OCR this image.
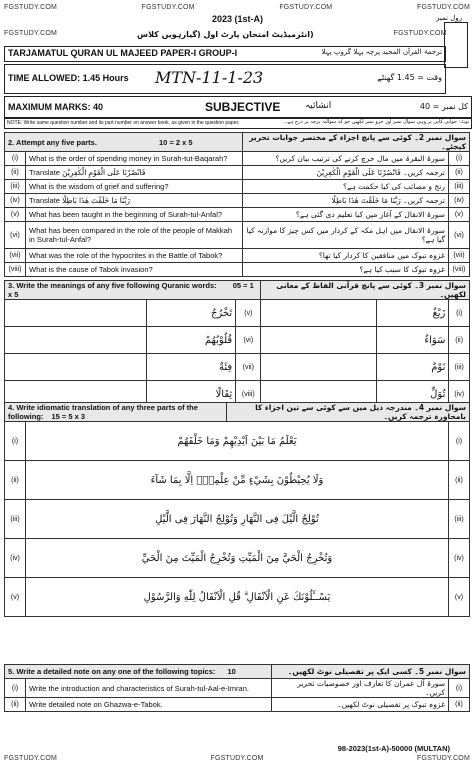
FGSTUDY.COM	FGSTUDY.COM	FGSTUDY.COM	FGSTUDY.COM
2023 (1st-A)	رول نمبر
FGSTUDY.COM	(انٹرمیڈیٹ امتحان پارٹ اول (گیارہویں کلاس	FGSTUDY.COM
TARJAMATUL QURAN UL MAJEED PAPER-I GROUP-I	ترجمۃ القرآن المجید پرچہ پہلا گروپ پہلا
TIME ALLOWED: 1.45 Hours MTN-11-1-23	وقت = 1.45 گھنٹے
MAXIMUM MARKS: 40	SUBJECTIVE	انشائیہ	کل نمبر = 40
NOTE: Write same question number and its part number on answer book, as given in the question paper.	نوٹ: جوابی کاپی پر وہی سوال نمبر اور جزو نمبر لکھیں جو کہ سوالیہ پرچہ پر درج ہے۔
2. Attempt any five parts. 10 = 2 x 5		سوال نمبر 2۔ کوئی سے پانچ اجزاء کے مختصر جوابات تحریر کیجئے۔	
(i)	What is the order of spending money in Surah-tut-Baqarah?	سورۃ البقرۃ میں مال خرچ کرنے کی ترتیب بیان کریں؟	(i)
(ii)	Translate فَانْصُرْنَا عَلَى الْقَوْمِ الْكٰفِرِيْنَ	ترجمہ کریں۔ فَانْصُرْنَا عَلَى الْقَوْمِ الْكٰفِرِيْنَ	(ii)
(iii)	What is the wisdom of grief and suffering?	رنج و مصائب کی کیا حکمت ہے؟	(iii)
(iv)	Translate رَبَّنَا مَا خَلَقْتَ هٰذَا بَاطِلًا	ترجمہ کریں۔ رَبَّنَا مَا خَلَقْتَ هٰذَا بَاطِلًا	(iv)
(v)	What has been taught in the beginning of Surah-tul-Anfal?	سورۃ الانفال کے آغاز میں کیا تعلیم دی گئی ہے؟	(v)
(vi)	What has been compared in the role of the people of Makkah in Surah-tul-Anfal?	سورۃ الانفال میں اہل مکہ کے کردار میں کس چیز کا موازنہ کیا گیا ہے؟	(vi)
(vii)	What was the role of the hypocrites in the Battle of Tabok?	غزوہ تبوک میں منافقین کا کردار کیا تھا؟	(vii)
(viii)	What is the cause of Tabok invasion?	غزوہ تبوک کا سبب کیا ہے؟	(viii)
3. Write the meanings of any five following Quranic words: 05 = 1 x 5			سوال نمبر 3۔ کوئی سے پانچ قرآنی الفاظ کے معانی لکھیں۔		
	تَخْرُجُ	(v)		زَيْغٌ	(i)
	قُلُوْبُهُمْ	(vi)		سَوَاءٌ	(ii)
	فِئَةٌ	(vii)		نَوْمٌ	(iii)
	ثِقَالًا	(viii)		تُوَلِّ	(iv)
4. Write idiomatic translation of any three parts of the following: 15 = 5 x 3		سوال نمبر 4۔ مندرجہ ذیل میں سے کوئی سے تین اجزاء کا بامحاورہ ترجمہ کریں۔	
(i)	يَعْلَمُ مَا بَيْنَ اَيْدِيْهِمْ وَمَا خَلْفَهُمْ		(i)
(ii)	وَلَا يُحِيْطُوْنَ بِشَيْءٍ مِّنْ عِلْمِهٖٓ اِلَّا بِمَا شَآءَ		(ii)
(iii)	تُوْلِجُ الَّيْلَ فِى النَّهَارِ وَتُوْلِجُ النَّهَارَ فِى الَّيْلِ		(iii)
(iv)	وَتُخْرِجُ الْحَيَّ مِنَ الْمَيِّتِ وَتُخْرِجُ الْمَيِّتَ مِنَ الْحَيِّ		(iv)
(v)	يَسْــَٔلُوْنَكَ عَنِ الْاَنْفَالِ ۗ قُلِ الْاَنْفَالُ لِلّٰهِ وَالرَّسُوْلِ		(v)
5. Write a detailed note on any one of the following topics: 10		سوال نمبر 5۔ کسی ایک پر تفصیلی نوٹ لکھیں۔	
(i)	Write the introduction and characteristics of Surah-tul-Aal-e-Imran.	سورۃ آل عمران کا تعارف اور خصوصیات تحریر کریں۔	(i)
(ii)	Write detailed note on Ghazwa-e-Tabok.	غزوہ تبوک پر تفصیلی نوٹ لکھیں۔	(ii)
98-2023(1st-A)-50000 (MULTAN)
FGSTUDY.COM	FGSTUDY.COM	FGSTUDY.COM
